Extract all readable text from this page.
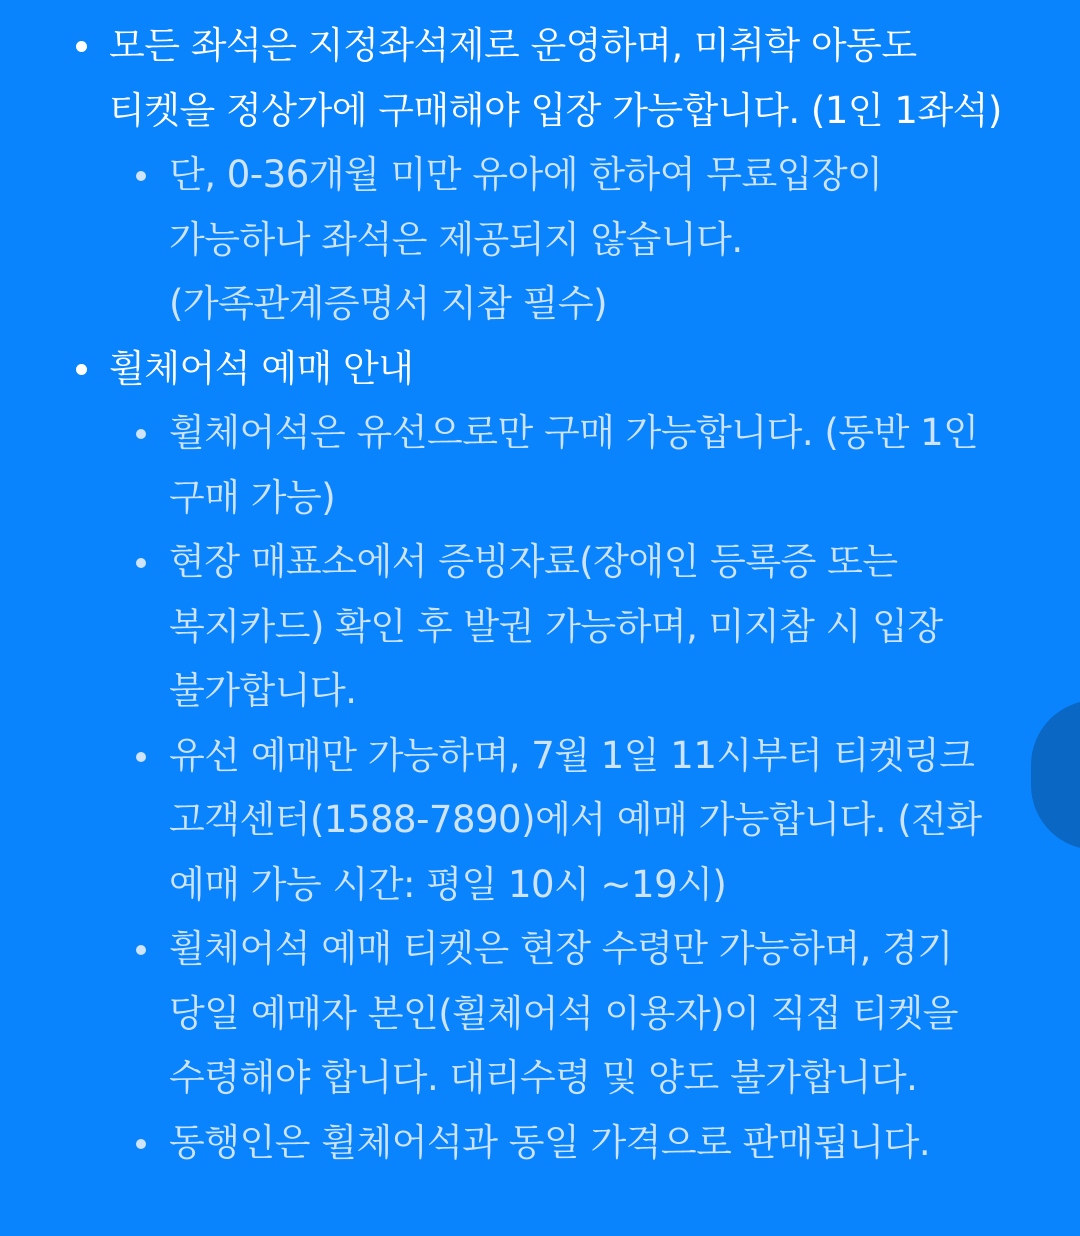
모든 좌석은 지정좌석제로 운영하며, 미취학 아동도
티켓을 정상가에 구매해야 입장 가능합니다. (1인 1좌석)
단, 0-36개월 미만 유아에 한하여 무료입장이
가능하나 좌석은 제공되지 않습니다.
(가족관계증명서 지참 필수)
휠체어석 예매 안내
휠체어석은 유선으로만 구매 가능합니다. (동반 1인
구매 가능)
현장 매표소에서 증빙자료(장애인 등록증 또는
복지카드) 확인 후 발권 가능하며, 미지참 시 입장
불가합니다.
유선 예매만 가능하며, 7월 1일 11시부터 티켓링크
고객센터(1588-7890)에서 예매 가능합니다. (전화
예매 가능 시간: 평일 10시 ~19시)
휠체어석 예매 티켓은 현장 수령만 가능하며, 경기
당일 예매자 본인(휠체어석 이용자)이 직접 티켓을
수령해야 합니다. 대리수령 및 양도 불가합니다.
동행인은 휠체어석과 동일 가격으로 판매됩니다.
